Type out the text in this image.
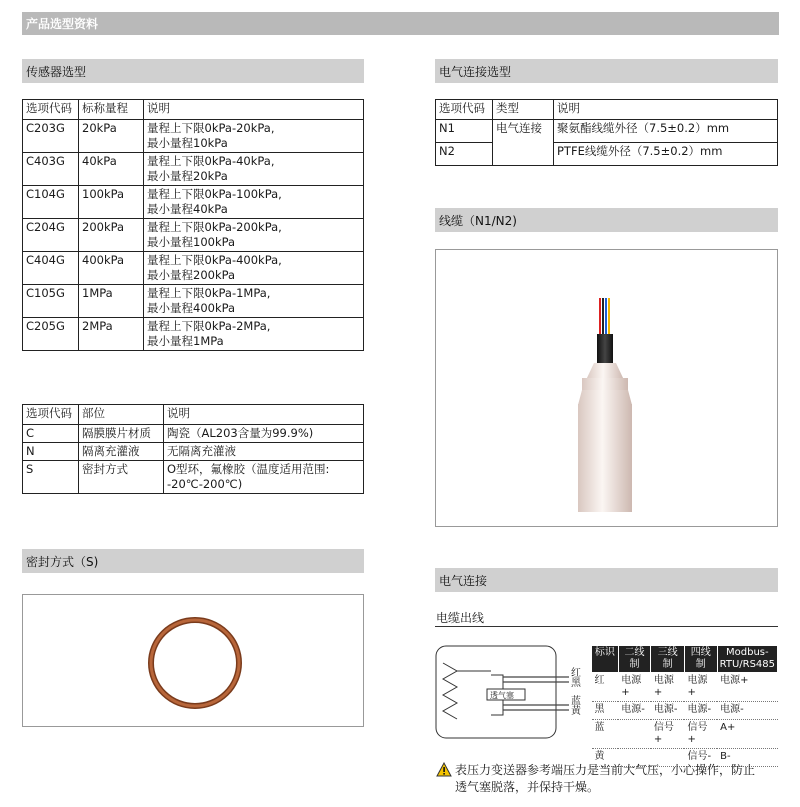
产品选型资料
传感器选型
选项代码	标称量程	说明
C203G	20kPa	量程上下限0kPa-20kPa,
最小量程10kPa

C403G	40kPa	量程上下限0kPa-40kPa,
最小量程20kPa

C104G	100kPa	量程上下限0kPa-100kPa,
最小量程40kPa

C204G	200kPa	量程上下限0kPa-200kPa,
最小量程100kPa

C404G	400kPa	量程上下限0kPa-400kPa,
最小量程200kPa

C105G	1MPa	量程上下限0kPa-1MPa,
最小量程400kPa

C205G	2MPa	量程上下限0kPa-2MPa,
最小量程1MPa
选项代码	部位	说明
C	隔膜膜片材质	陶瓷（AL203含量为99.9%)
N	隔离充灌液	无隔离充灌液
S	密封方式	O型环，氟橡胶（温度适用范围:
-20℃-200℃)
密封方式（S)
电气连接选型
选项代码	类型	说明
N1	电气连接	聚氨酯线缆外径（7.5±0.2）mm
N2		PTFE线缆外径（7.5±0.2）mm
线缆（N1/N2)
电气连接
电缆出线
透气塞
红
黑
蓝
黄
标识	二线制	三线制	四线制	Modbus-RTU/RS485
红	电源+	电源+	电源+	电源+
黑	电源-	电源-	电源-	电源-
蓝		信号+	信号+	A+
黄			信号-	B-
表压力变送器参考端压力是当前大气压，小心操作，防止
透气塞脱落，并保持干燥。
